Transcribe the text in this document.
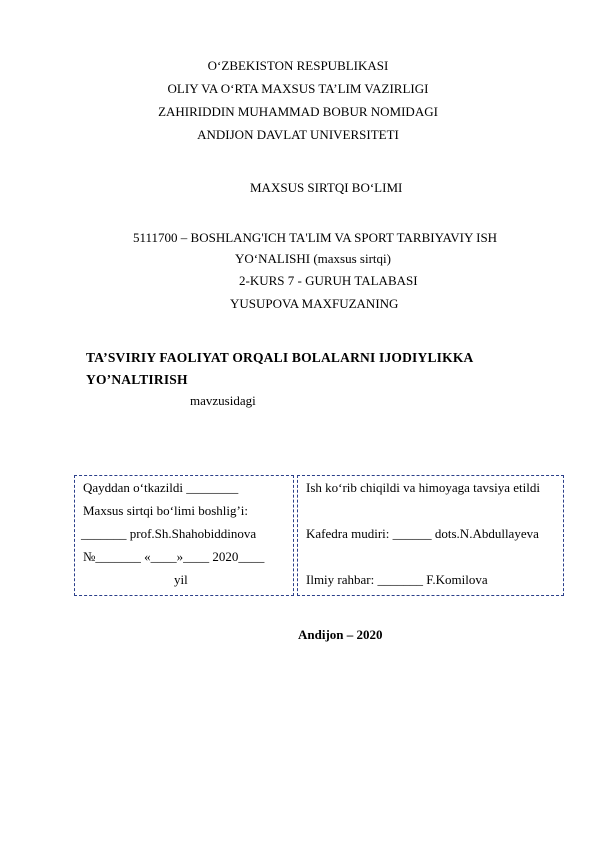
O‘ZBEKISTON RESPUBLIKASI
OLIY VA O‘RTA MAXSUS TA’LIM VAZIRLIGI
ZAHIRIDDIN MUHAMMAD BOBUR NOMIDAGI
ANDIJON DAVLAT UNIVERSITETI
MAXSUS SIRTQI BO‘LIMI
5111700 – BOSHLANG'ICH TA'LIM VA SPORT TARBIYAVIY ISH
YO‘NALISHI (maxsus sirtqi)
2-KURS 7 - GURUH TALABASI
YUSUPOVA MAXFUZANING
TA’SVIRIY FAOLIYAT ORQALI BOLALARNI IJODIYLIKKA
YO’NALTIRISH
mavzusidagi
Qayddan o‘tkazildi ________
Maxsus sirtqi bo‘limi boshlig’i:
_______ prof.Sh.Shahobiddinova
№_______ «____»____ 2020____
yil
Ish ko‘rib chiqildi va himoyaga tavsiya etildi
Kafedra mudiri: ______ dots.N.Abdullayeva
Ilmiy rahbar: _______ F.Komilova
Andijon – 2020
